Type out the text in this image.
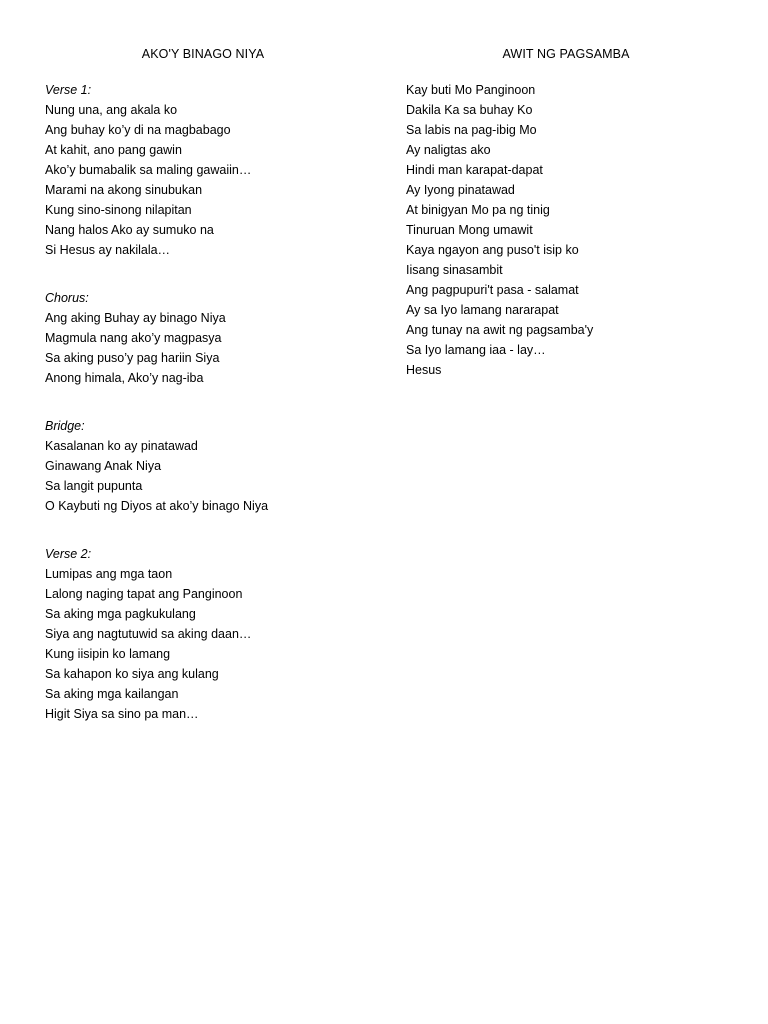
AKO'Y BINAGO NIYA	AWIT NG PAGSAMBA
Verse 1:
Nung una, ang akala ko
Ang buhay ko’y di na magbabago
At kahit, ano pang gawin
Ako’y bumabalik sa maling gawaiin…
Marami na akong sinubukan
Kung sino-sinong nilapitan
Nang halos Ako ay sumuko na
Si Hesus ay nakilala…
Chorus:
Ang aking Buhay ay binago Niya
Magmula nang ako’y magpasya
Sa aking puso’y pag hariin Siya
Anong himala, Ako’y nag-iba
Bridge:
Kasalanan ko ay pinatawad
Ginawang Anak Niya
Sa langit pupunta
O Kaybuti ng Diyos at ako’y binago Niya
Verse 2:
Lumipas ang mga taon
Lalong naging tapat ang Panginoon
Sa aking mga pagkukulang
Siya ang nagtutuwid sa aking daan…
Kung iisipin ko lamang
Sa kahapon ko siya ang kulang
Sa aking mga kailangan
Higit Siya sa sino pa man…
Kay buti Mo Panginoon
Dakila Ka sa buhay Ko
Sa labis na pag-ibig Mo
Ay naligtas ako
Hindi man karapat-dapat
Ay Iyong pinatawad
At binigyan Mo pa ng tinig
Tinuruan Mong umawit
Kaya ngayon ang puso't isip ko
Iisang sinasambit
Ang pagpupuri't pasa - salamat
Ay sa Iyo lamang nararapat
Ang tunay na awit ng pagsamba'y
Sa Iyo lamang iaa - lay…
Hesus
